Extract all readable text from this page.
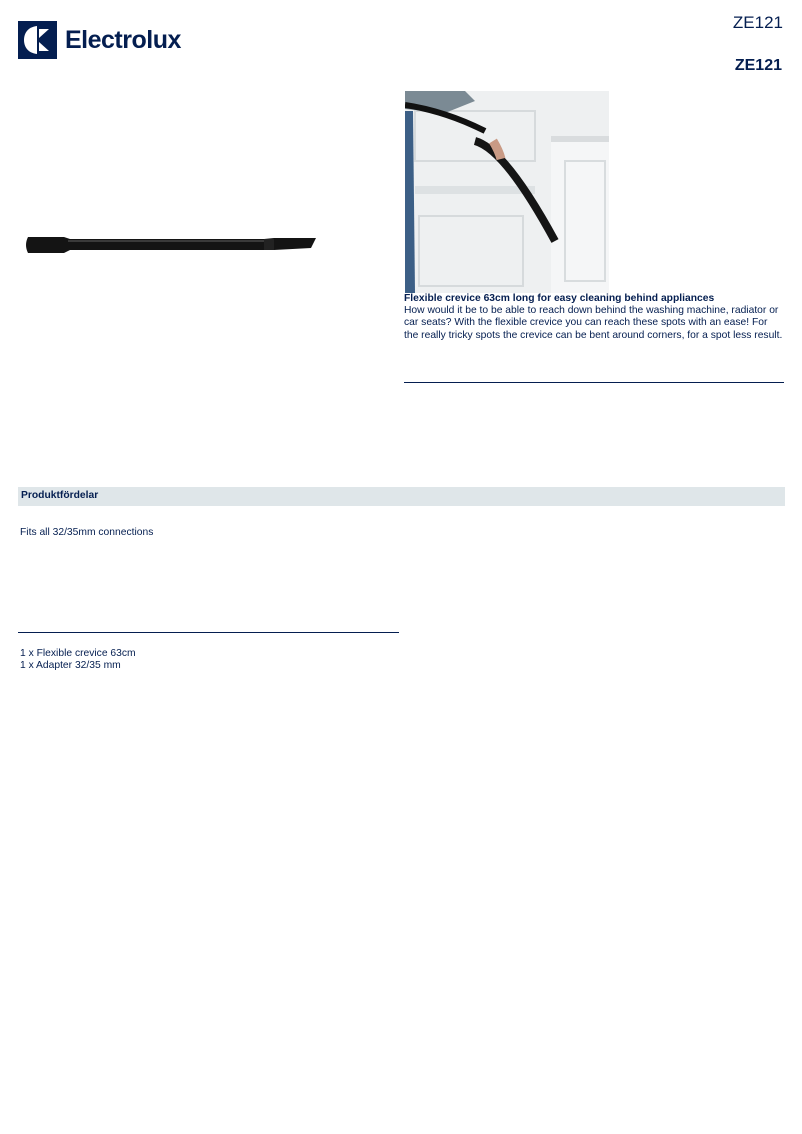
Electrolux
ZE121
ZE121
Flexible crevice 63cm long for easy cleaning behind appliances
How would it be to be able to reach down behind the washing machine, radiator or car seats? With the flexible crevice you can reach these spots with an ease! For the really tricky spots the crevice can be bent around corners, for a spot less result.
Produktfördelar
Fits all 32/35mm connections
1 x Flexible crevice 63cm
1 x Adapter 32/35 mm
